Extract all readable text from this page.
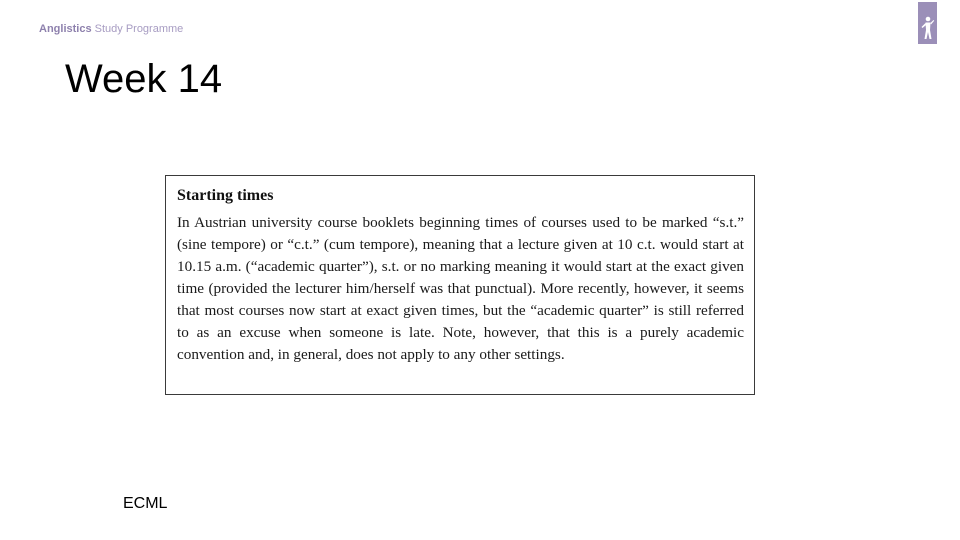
Anglistics Study Programme
Week 14
Starting times

In Austrian university course booklets beginning times of courses used to be marked “s.t.” (sine tempore) or “c.t.” (cum tempore), meaning that a lecture given at 10 c.t. would start at 10.15 a.m. (“academic quarter”), s.t. or no marking meaning it would start at the exact given time (provided the lecturer him/herself was that punctual). More recently, however, it seems that most courses now start at exact given times, but the “academic quarter” is still referred to as an excuse when someone is late. Note, however, that this is a purely academic convention and, in general, does not apply to any other settings.

ECML
